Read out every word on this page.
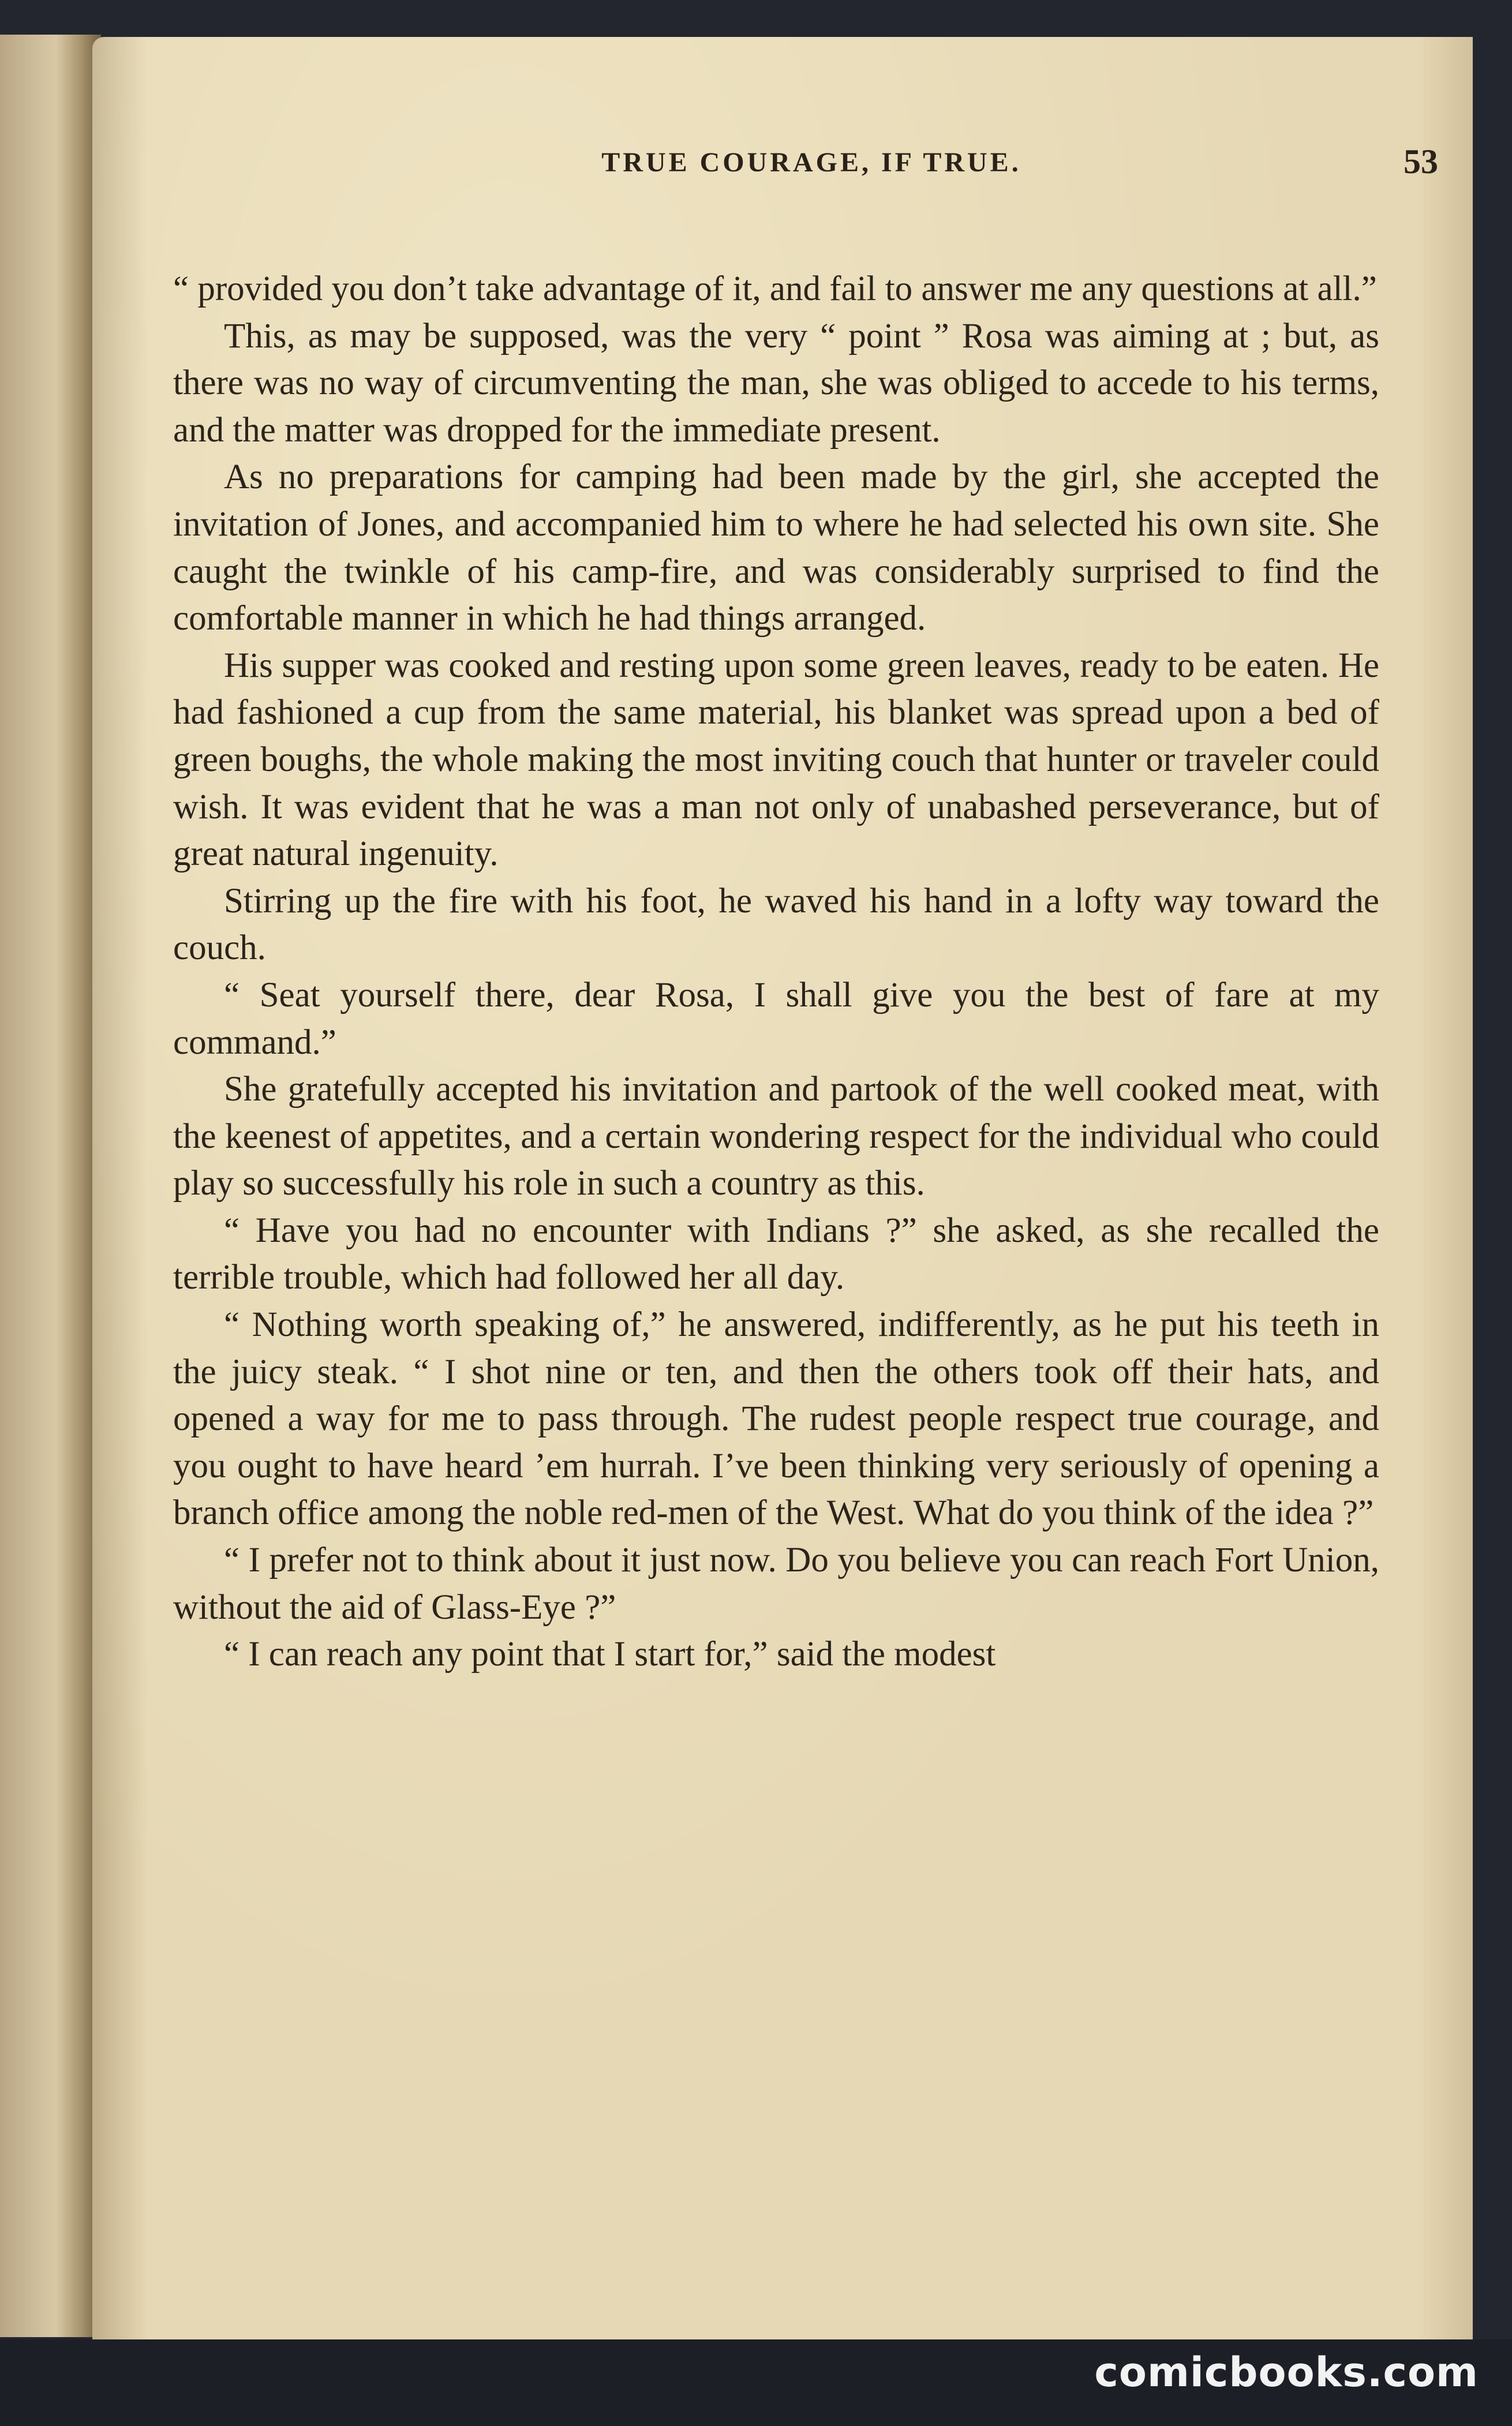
TRUE COURAGE, IF TRUE.	53

“ provided you don’t take advantage of it, and fail to answer me any questions at all.”

This, as may be supposed, was the very “ point ” Rosa was aiming at ; but, as there was no way of circumventing the man, she was obliged to accede to his terms, and the matter was dropped for the immediate present.

As no preparations for camping had been made by the girl, she accepted the invitation of Jones, and accompanied him to where he had selected his own site. She caught the twinkle of his camp-fire, and was considerably surprised to find the comfortable manner in which he had things arranged.

His supper was cooked and resting upon some green leaves, ready to be eaten. He had fashioned a cup from the same material, his blanket was spread upon a bed of green boughs, the whole making the most inviting couch that hunter or traveler could wish. It was evident that he was a man not only of unabashed perseverance, but of great natural ingenuity.

Stirring up the fire with his foot, he waved his hand in a lofty way toward the couch.

“ Seat yourself there, dear Rosa, I shall give you the best of fare at my command.”

She gratefully accepted his invitation and partook of the well cooked meat, with the keenest of appetites, and a certain wondering respect for the individual who could play so successfully his role in such a country as this.

“ Have you had no encounter with Indians ?” she asked, as she recalled the terrible trouble, which had followed her all day.

“ Nothing worth speaking of,” he answered, indifferently, as he put his teeth in the juicy steak. “ I shot nine or ten, and then the others took off their hats, and opened a way for me to pass through. The rudest people respect true courage, and you ought to have heard ’em hurrah. I’ve been thinking very seriously of opening a branch office among the noble red-men of the West. What do you think of the idea ?”

“ I prefer not to think about it just now. Do you believe you can reach Fort Union, without the aid of Glass-Eye ?”

“ I can reach any point that I start for,” said the modest

comicbooks.com
